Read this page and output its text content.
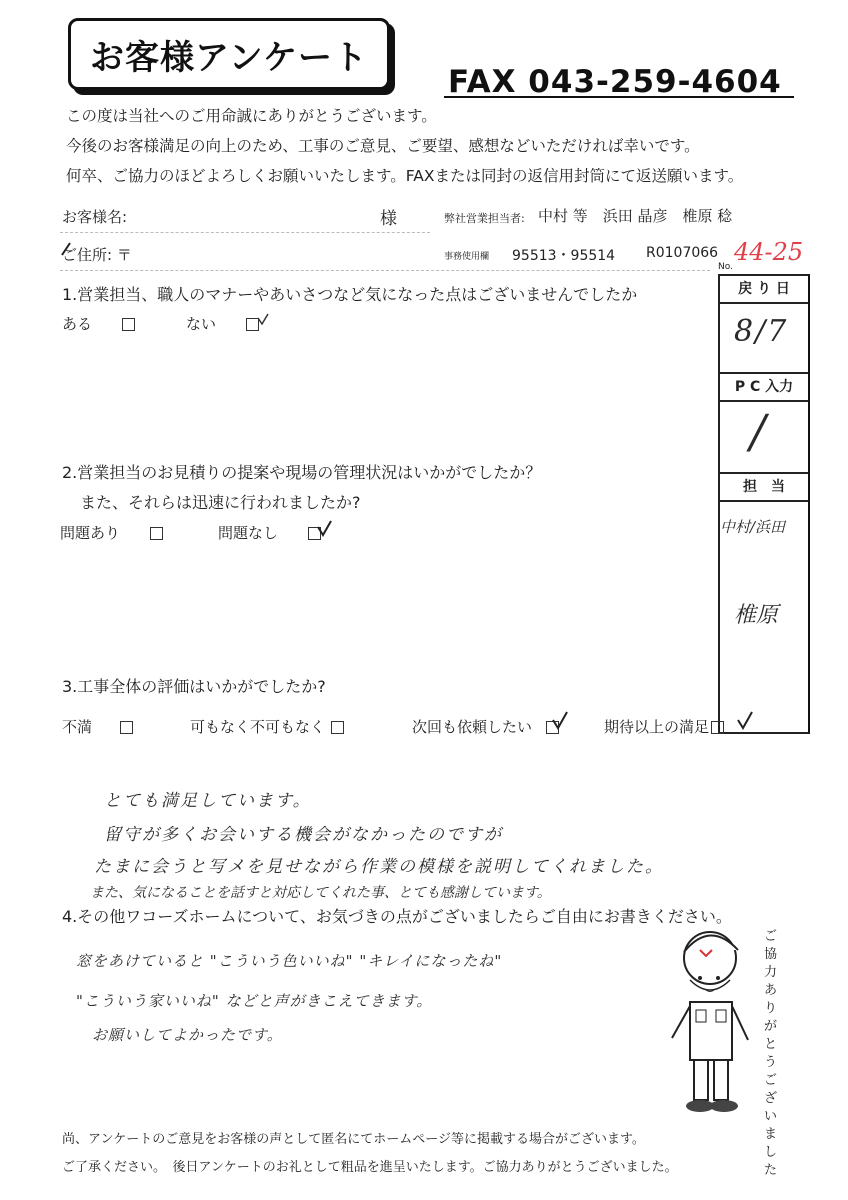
お客様アンケート
FAX 043-259-4604
この度は当社へのご用命誠にありがとうございます。
今後のお客様満足の向上のため、工事のご意見、ご要望、感想などいただければ幸いです。
何卒、ご協力のほどよろしくお願いいたします。FAXまたは同封の返信用封筒にて返送願います。
お客様名:	様	弊社営業担当者: 中村 等　浜田 晶彦　椎原 稔
ご住所: 〒	事務使用欄 95513・95514 R0107066
No.
44-25
戻 り 日
8/7
P C 入力
/
担　当
中村/浜田
椎原
1.営業担当、職人のマナーやあいさつなど気になった点はございませんでしたか
ある	ない
2.営業担当のお見積りの提案や現場の管理状況はいかがでしたか？
また、それらは迅速に行われましたか?
問題あり	問題なし
3.工事全体の評価はいかがでしたか?
不満	可もなく不可もなく	次回も依頼したい	期待以上の満足
とても満足しています。
留守が多くお会いする機会がなかったのですが
たまに会うと写メを見せながら作業の模様を説明してくれました。
また、気になることを話すと対応してくれた事、とても感謝しています。
4.その他ワコーズホームについて、お気づきの点がございましたらご自由にお書きください。
窓をあけていると "こういう色いいね" "キレイになったね"
"こういう家いいね" などと声がきこえてきます。
お願いしてよかったです。
ご協力ありがとうございました
尚、アンケートのご意見をお客様の声として匿名にてホームページ等に掲載する場合がございます。
ご了承ください。　後日アンケートのお礼として粗品を進呈いたします。ご協力ありがとうございました。
